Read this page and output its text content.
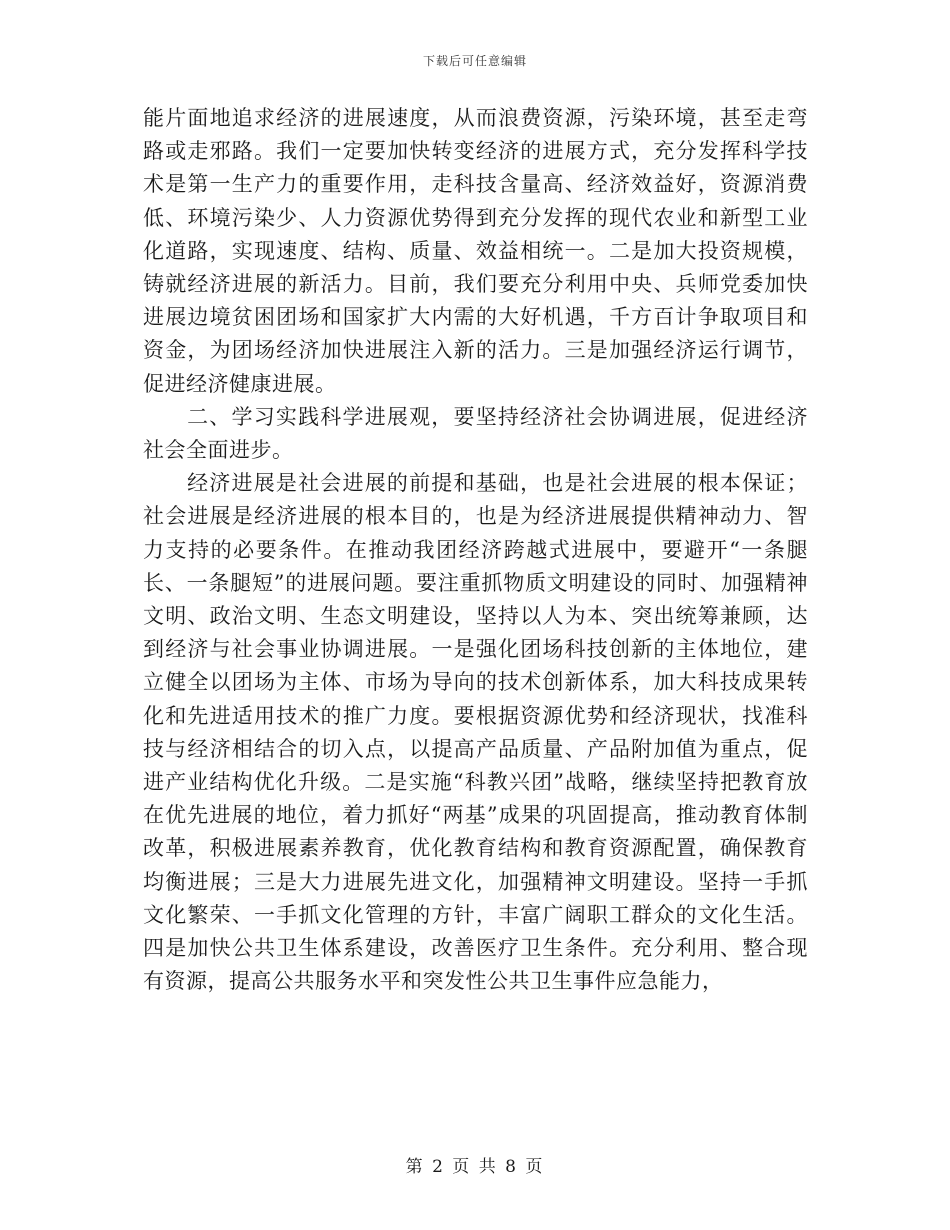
下载后可任意编辑

能片面地追求经济的进展速度，从而浪费资源，污染环境，甚至走弯路或走邪路。我们一定要加快转变经济的进展方式，充分发挥科学技术是第一生产力的重要作用，走科技含量高、经济效益好，资源消费低、环境污染少、人力资源优势得到充分发挥的现代农业和新型工业化道路，实现速度、结构、质量、效益相统一。二是加大投资规模，铸就经济进展的新活力。目前，我们要充分利用中央、兵师党委加快进展边境贫困团场和国家扩大内需的大好机遇，千方百计争取项目和资金，为团场经济加快进展注入新的活力。三是加强经济运行调节，促进经济健康进展。

二、学习实践科学进展观，要坚持经济社会协调进展，促进经济社会全面进步。

经济进展是社会进展的前提和基础，也是社会进展的根本保证；社会进展是经济进展的根本目的，也是为经济进展提供精神动力、智力支持的必要条件。在推动我团经济跨越式进展中，要避开“一条腿长、一条腿短”的进展问题。要注重抓物质文明建设的同时、加强精神文明、政治文明、生态文明建设，坚持以人为本、突出统筹兼顾，达到经济与社会事业协调进展。一是强化团场科技创新的主体地位，建立健全以团场为主体、市场为导向的技术创新体系，加大科技成果转化和先进适用技术的推广力度。要根据资源优势和经济现状，找准科技与经济相结合的切入点，以提高产品质量、产品附加值为重点，促进产业结构优化升级。二是实施“科教兴团”战略，继续坚持把教育放在优先进展的地位，着力抓好“两基”成果的巩固提高，推动教育体制改革，积极进展素养教育，优化教育结构和教育资源配置，确保教育均衡进展；三是大力进展先进文化，加强精神文明建设。坚持一手抓文化繁荣、一手抓文化管理的方针，丰富广阔职工群众的文化生活。四是加快公共卫生体系建设，改善医疗卫生条件。充分利用、整合现有资源，提高公共服务水平和突发性公共卫生事件应急能力，

第 2 页 共 8 页
